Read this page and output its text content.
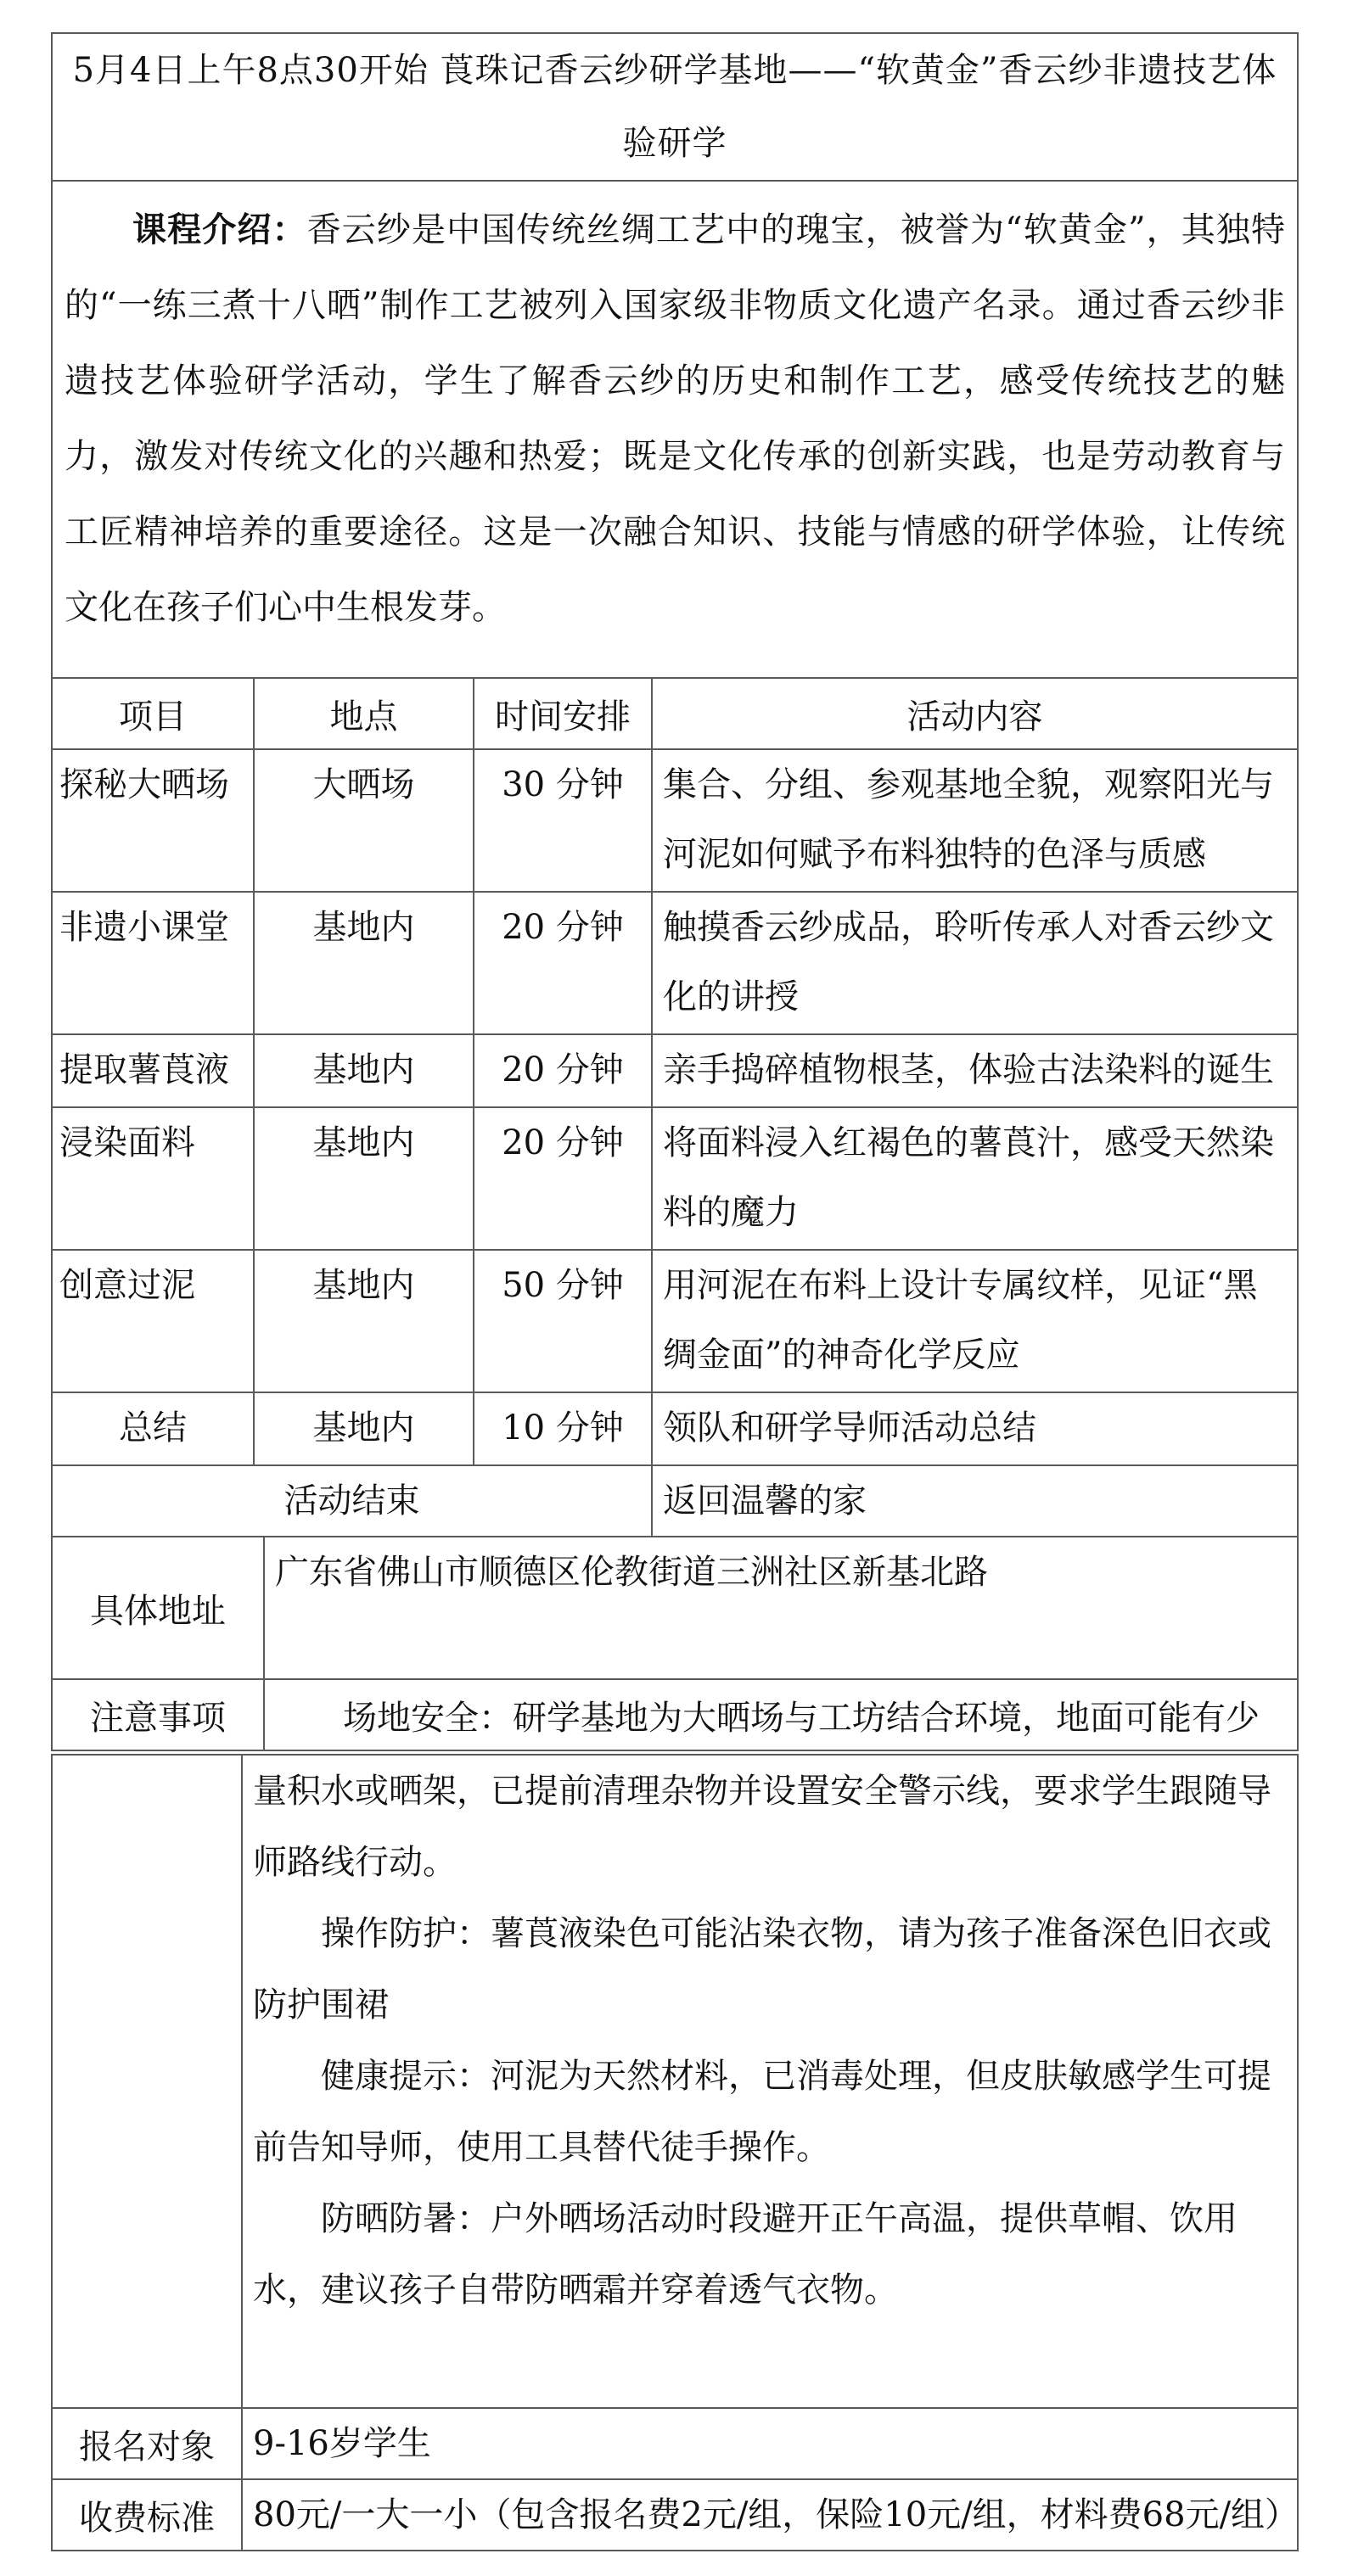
5月4日上午8点30开始 莨珠记香云纱研学基地——“软黄金”香云纱非遗技艺体验研学				
课程介绍：香云纱是中国传统丝绸工艺中的瑰宝，被誉为“软黄金”，其独特的“一练三煮十八晒”制作工艺被列入国家级非物质文化遗产名录。通过香云纱非遗技艺体验研学活动，学生了解香云纱的历史和制作工艺，感受传统技艺的魅力，激发对传统文化的兴趣和热爱；既是文化传承的创新实践，也是劳动教育与工匠精神培养的重要途径。这是一次融合知识、技能与情感的研学体验，让传统文化在孩子们心中生根发芽。				
项目	地点		时间安排	活动内容
探秘大晒场	大晒场		30 分钟	集合、分组、参观基地全貌，观察阳光与河泥如何赋予布料独特的色泽与质感
非遗小课堂	基地内		20 分钟	触摸香云纱成品，聆听传承人对香云纱文化的讲授
提取薯莨液	基地内		20 分钟	亲手捣碎植物根茎，体验古法染料的诞生
浸染面料	基地内		20 分钟	将面料浸入红褐色的薯莨汁，感受天然染料的魔力
创意过泥	基地内		50 分钟	用河泥在布料上设计专属纹样，见证“黑绸金面”的神奇化学反应
总结	基地内		10 分钟	领队和研学导师活动总结
活动结束				返回温馨的家
具体地址		广东省佛山市顺德区伦教街道三洲社区新基北路		
注意事项		场地安全：研学基地为大晒场与工坊结合环境，地面可能有少		

	量积水或晒架，已提前清理杂物并设置安全警示线，要求学生跟随导师路线行动。

操作防护：薯莨液染色可能沾染衣物，请为孩子准备深色旧衣或防护围裙

健康提示：河泥为天然材料，已消毒处理，但皮肤敏感学生可提前告知导师，使用工具替代徒手操作。

防晒防暑：户外晒场活动时段避开正午高温，提供草帽、饮用水，建议孩子自带防晒霜并穿着透气衣物。

报名对象	9-16岁学生
收费标准	80元/一大一小（包含报名费2元/组，保险10元/组，材料费68元/组）
